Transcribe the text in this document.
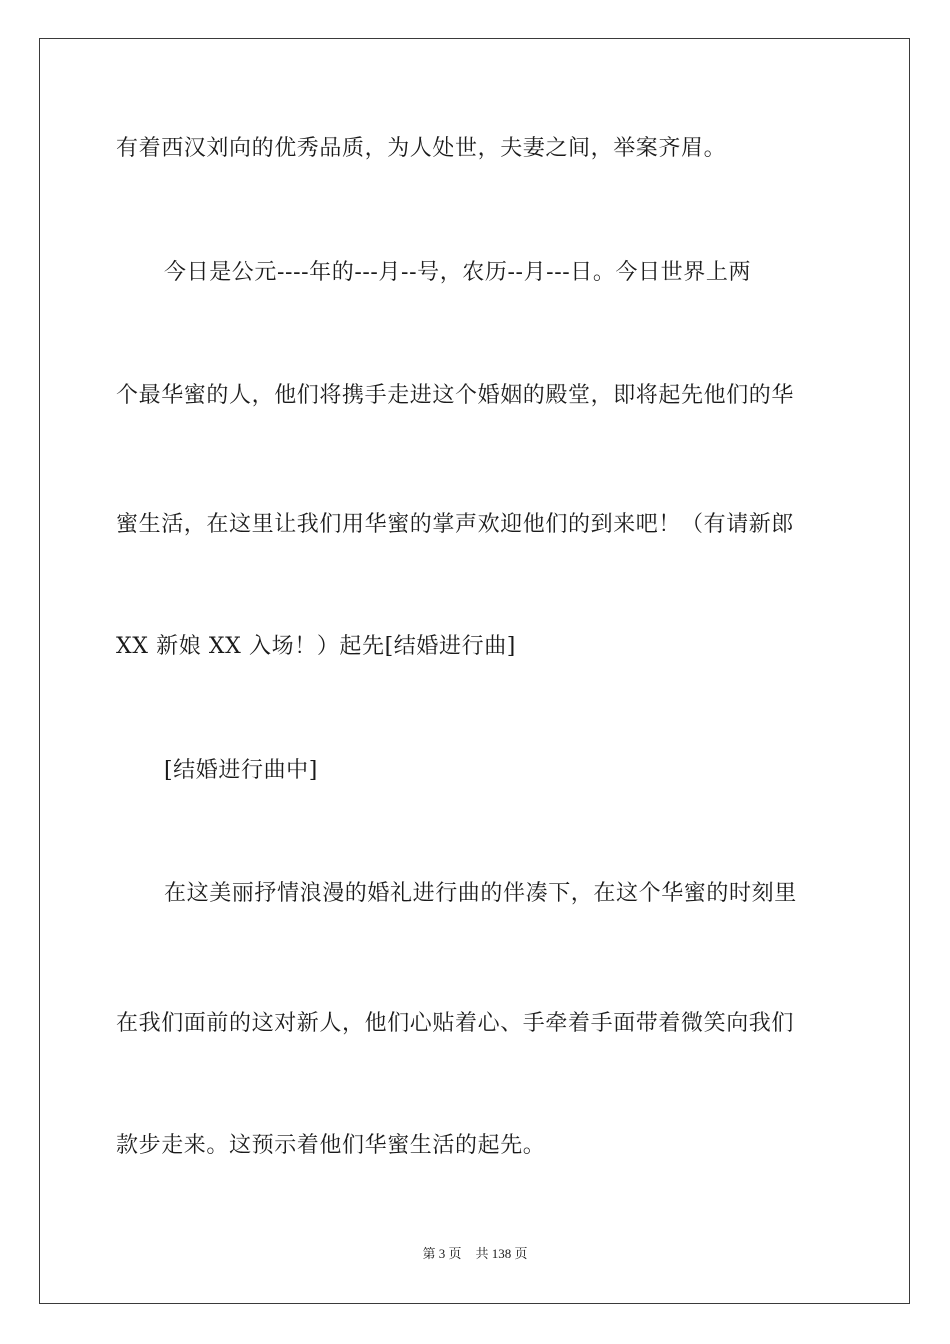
有着西汉刘向的优秀品质，为人处世，夫妻之间，举案齐眉。
今日是公元----年的---月--号，农历--月---日。今日世界上两
个最华蜜的人，他们将携手走进这个婚姻的殿堂，即将起先他们的华
蜜生活，在这里让我们用华蜜的掌声欢迎他们的到来吧！（有请新郎
XX 新娘 XX 入场！）起先[结婚进行曲]
[结婚进行曲中]
在这美丽抒情浪漫的婚礼进行曲的伴凑下，在这个华蜜的时刻里
在我们面前的这对新人，他们心贴着心、手牵着手面带着微笑向我们
款步走来。这预示着他们华蜜生活的起先。
第 3 页 共 138 页
